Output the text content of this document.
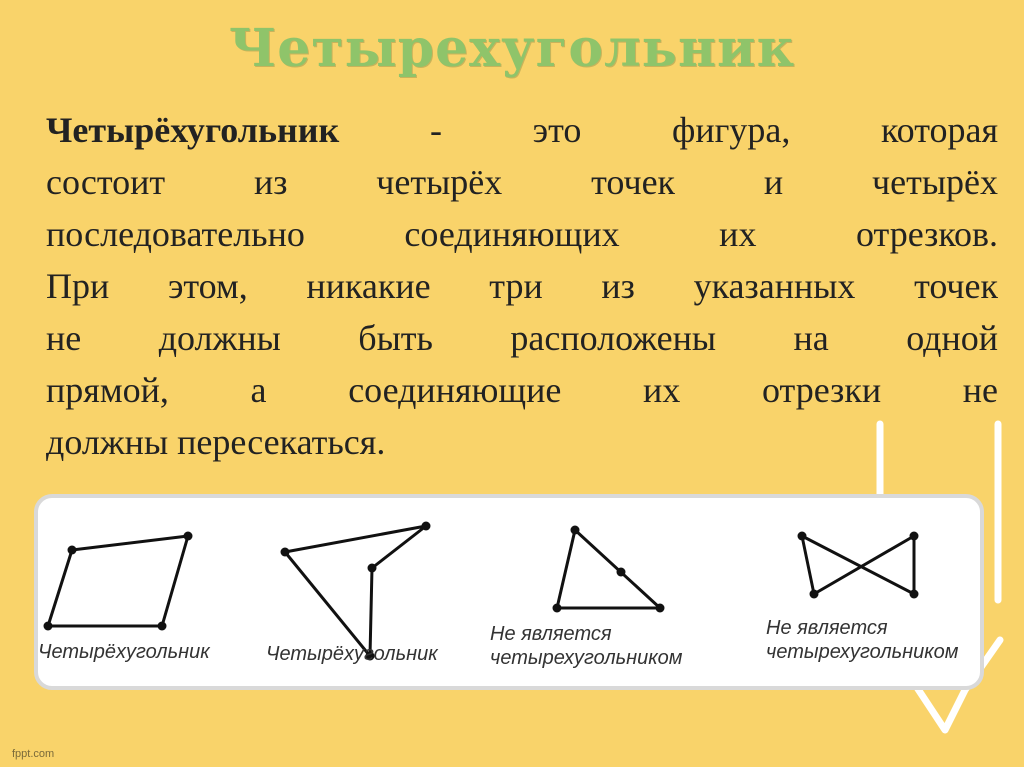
Четырехугольник
Четырёхугольник - это фигура, которая
состоит из четырёх точек и четырёх
последовательно соединяющих их отрезков.
При этом, никакие три из указанных точек
не должны быть расположены на одной
прямой, а соединяющие их отрезки не
должны пересекаться.
Четырёхугольник	Четырёхугольник
Не является
четырехугольником
Не является
четырехугольником
fppt.com
